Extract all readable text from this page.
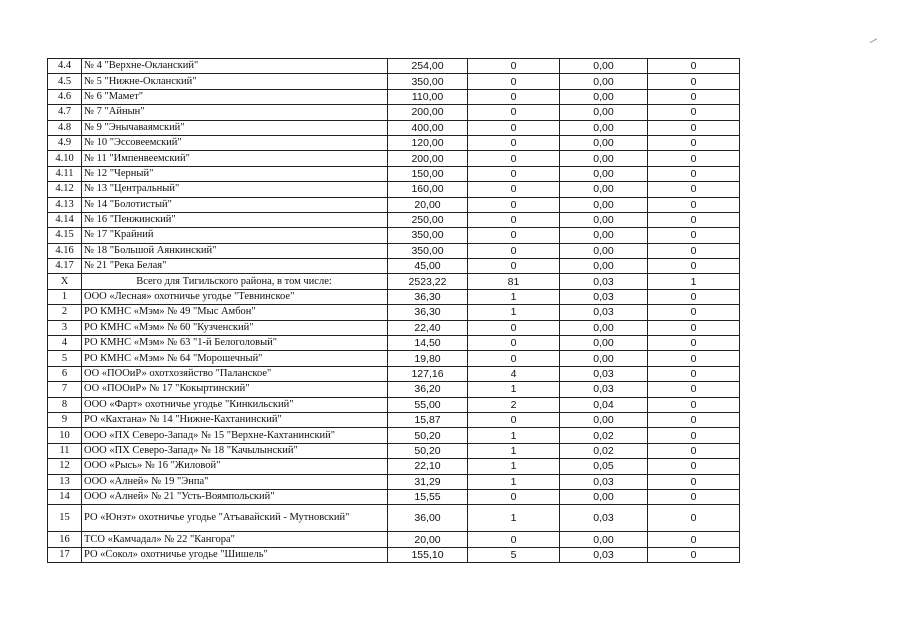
4.4	№ 4 "Верхне-Окланский"	254,00	0	0,00	0
4.5	№ 5 "Нижне-Окланский"	350,00	0	0,00	0
4.6	№ 6 "Мамет"	110,00	0	0,00	0
4.7	№ 7 "Айнын"	200,00	0	0,00	0
4.8	№ 9 "Энычаваямский"	400,00	0	0,00	0
4.9	№ 10 "Эссовеемский"	120,00	0	0,00	0
4.10	№ 11 "Импенвеемский"	200,00	0	0,00	0
4.11	№ 12 "Черный"	150,00	0	0,00	0
4.12	№ 13 "Центральный"	160,00	0	0,00	0
4.13	№ 14 "Болотистый"	20,00	0	0,00	0
4.14	№ 16 "Пенжинский"	250,00	0	0,00	0
4.15	№ 17 "Крайний	350,00	0	0,00	0
4.16	№ 18 "Большой Аянкинский"	350,00	0	0,00	0
4.17	№ 21 "Река Белая"	45,00	0	0,00	0
X	Всего для Тигильского района, в том числе:	2523,22	81	0,03	1
1	ООО «Лесная» охотничье угодье "Тевнинское"	36,30	1	0,03	0
2	РО КМНС «Мэм» № 49 "Мыс Амбон"	36,30	1	0,03	0
3	РО КМНС «Мэм» № 60 "Кузченский"	22,40	0	0,00	0
4	РО КМНС «Мэм» № 63 "1-й Белоголовый"	14,50	0	0,00	0
5	РО КМНС «Мэм» № 64 "Морошечный"	19,80	0	0,00	0
6	ОО «ПООиР» охотхозяйство "Паланское"	127,16	4	0,03	0
7	ОО «ПООиР» № 17 "Кокыртинский"	36,20	1	0,03	0
8	ООО «Фарт» охотничье угодье "Кинкильский"	55,00	2	0,04	0
9	РО «Кахтана» № 14 "Нижне-Кахтанинский"	15,87	0	0,00	0
10	ООО «ПХ Северо-Запад» № 15 "Верхне-Кахтанинский"	50,20	1	0,02	0
11	ООО «ПХ Северо-Запад» № 18 "Качылынский"	50,20	1	0,02	0
12	ООО «Рысь» № 16 "Жиловой"	22,10	1	0,05	0
13	ООО «Алней» № 19 "Энпа"	31,29	1	0,03	0
14	ООО «Алней» № 21 "Усть-Воямпольский"	15,55	0	0,00	0
15	РО «Юнэт» охотничье угодье "Атъавайский - Мутновский"	36,00	1	0,03	0
16	ТСО «Камчадал» № 22 "Кангора"	20,00	0	0,00	0
17	РО «Сокол» охотничье угодье "Шишель"	155,10	5	0,03	0
